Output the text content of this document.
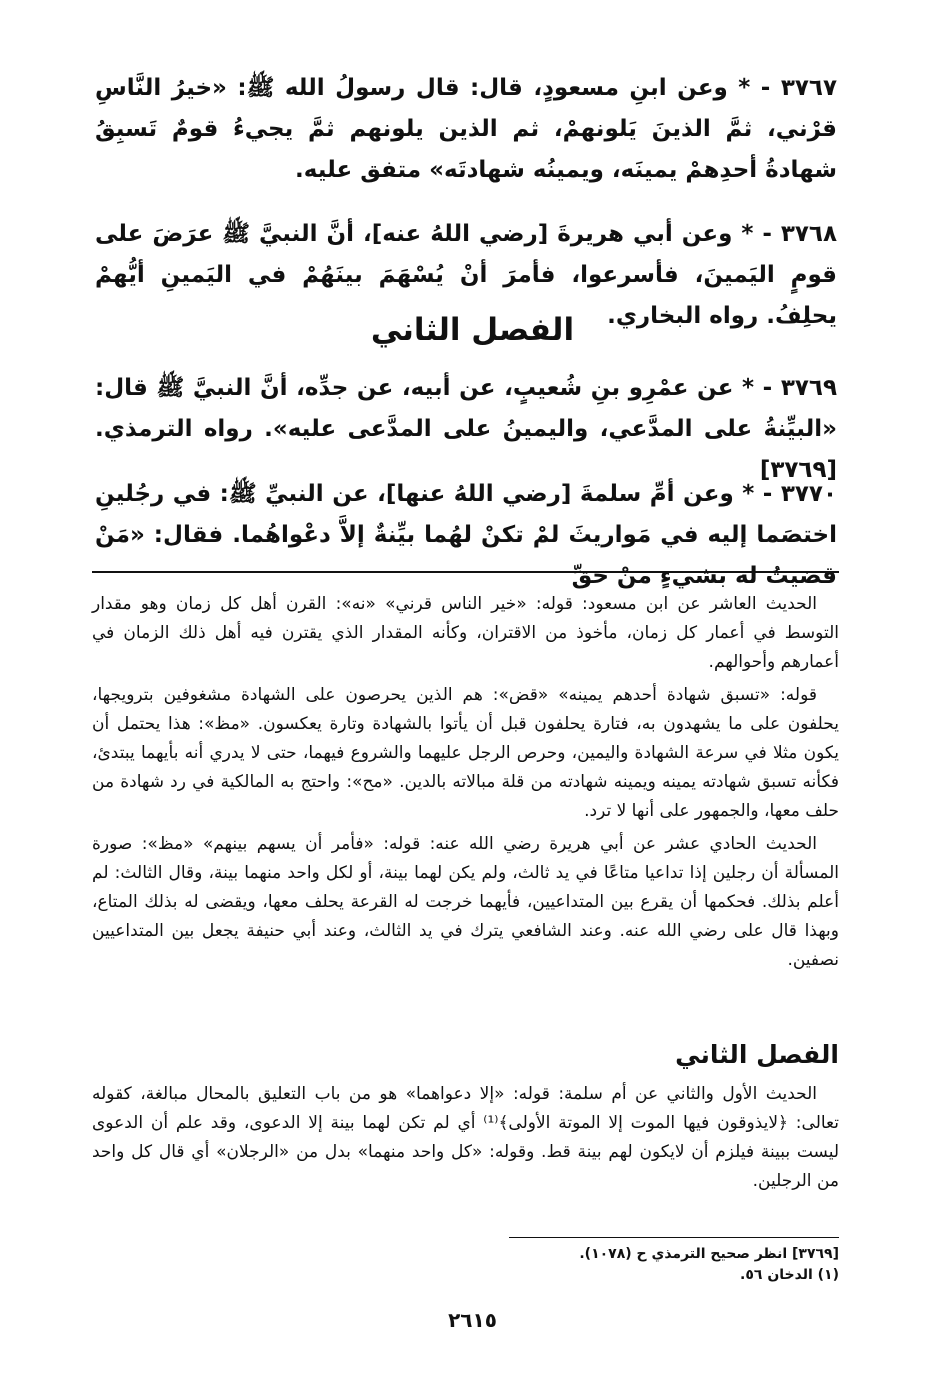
٣٧٦٧ - * وعن ابنِ مسعودٍ، قال: قال رسولُ الله ﷺ: «خيرُ النَّاسِ قرْني، ثمَّ الذينَ يَلونهمْ، ثم الذين يلونهم ثمَّ يجيءُ قومٌ تَسبِقُ شهادةُ أحدِهمْ يمينَه، ويمينُه شهادتَه» متفق عليه.
٣٧٦٨ - * وعن أبي هريرةَ [رضي اللهُ عنه]، أنَّ النبيَّ ﷺ عرَضَ على قومٍ اليَمينَ، فأسرعوا، فأمرَ أنْ يُسْهَمَ بينَهُمْ في اليَمينِ أيُّهمْ يحلِفُ. رواه البخاري.
الفصل الثاني
٣٧٦٩ - * عن عمْرِو بنِ شُعيبٍ، عن أبيه، عن جدِّه، أنَّ النبيَّ ﷺ قال: «البيِّنةُ على المدَّعي، واليمينُ على المدَّعى عليه». رواه الترمذي. [٣٧٦٩]
٣٧٧٠ - * وعن أمِّ سلمةَ [رضي اللهُ عنها]، عن النبيِّ ﷺ: في رجُلينِ اختصَما إليه في مَواريثَ لمْ تكنْ لهُما بيِّنةٌ إلاَّ دعْواهُما. فقال: «مَنْ قضيتُ له بشيءٍ منْ حقِّ

الحديث العاشر عن ابن مسعود: قوله: «خير الناس قرني» «نه»: القرن أهل كل زمان وهو مقدار التوسط في أعمار كل زمان، مأخوذ من الاقتران، وكأنه المقدار الذي يقترن فيه أهل ذلك الزمان في أعمارهم وأحوالهم.

قوله: «تسبق شهادة أحدهم يمينه» «قض»: هم الذين يحرصون على الشهادة مشغوفين بترويجها، يحلفون على ما يشهدون به، فتارة يحلفون قبل أن يأتوا بالشهادة وتارة يعكسون. «مظ»: هذا يحتمل أن يكون مثلا في سرعة الشهادة واليمين، وحرص الرجل عليهما والشروع فيهما، حتى لا يدري أنه بأيهما يبتدئ، فكأنه تسبق شهادته يمينه ويمينه شهادته من قلة مبالاته بالدين. «مح»: واحتج به المالكية في رد شهادة من حلف معها، والجمهور على أنها لا ترد.

الحديث الحادي عشر عن أبي هريرة رضي الله عنه: قوله: «فأمر أن يسهم بينهم» «مظ»: صورة المسألة أن رجلين إذا تداعيا متاعًا في يد ثالث، ولم يكن لهما بينة، أو لكل واحد منهما بينة، وقال الثالث: لم أعلم بذلك. فحكمها أن يقرع بين المتداعيين، فأيهما خرجت له القرعة يحلف معها، ويقضى له بذلك المتاع، وبهذا قال على رضي الله عنه. وعند الشافعي يترك في يد الثالث، وعند أبي حنيفة يجعل بين المتداعيين نصفين.

الفصل الثاني

الحديث الأول والثاني عن أم سلمة: قوله: «إلا دعواهما» هو من باب التعليق بالمحال مبالغة، كقوله تعالى: ﴿لايذوقون فيها الموت إلا الموتة الأولى﴾⁽¹⁾ أي لم تكن لهما بينة إلا الدعوى، وقد علم أن الدعوى ليست ببينة فيلزم أن لايكون لهم بينة قط. وقوله: «كل واحد منهما» بدل من «الرجلان» أي قال كل واحد من الرجلين.

[٣٧٦٩] انظر صحيح الترمذي ح (١٠٧٨).
(١) الدخان ٥٦.
٢٦١٥
